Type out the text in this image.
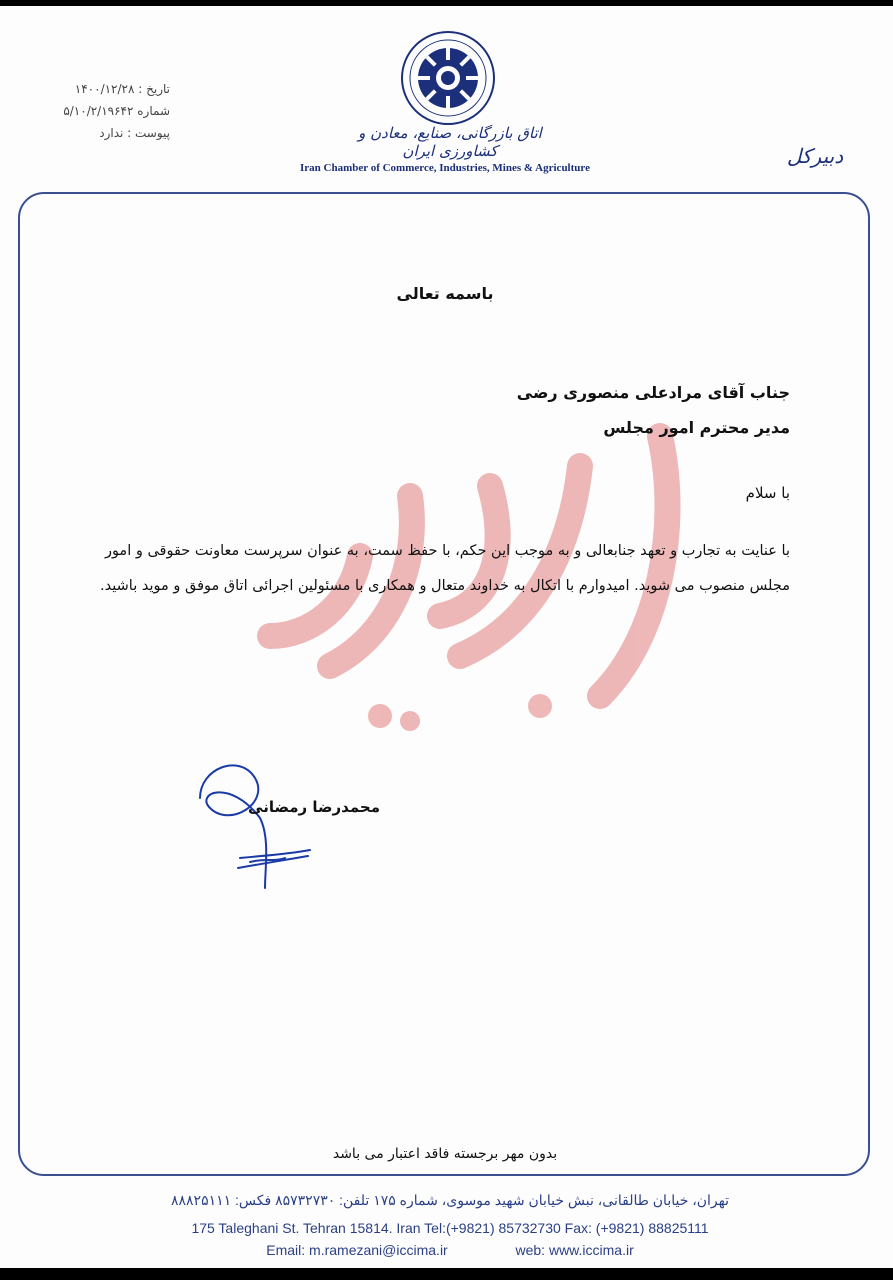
تاریخ : ۱۴۰۰/۱۲/۲۸
شماره ۵/۱۰/۲/۱۹۶۴۲
پیوست : ندارد	اتاق بازرگانی، صنایع، معادن و کشاورزی ایران
Iran Chamber of Commerce, Industries, Mines & Agriculture	دبیرکل
باسمه تعالی
جناب آقای مرادعلی منصوری رضی
مدیر محترم امور مجلس
با سلام
با عنایت به تجارب و تعهد جنابعالی و به موجب این حکم، با حفظ سمت، به عنوان سرپرست معاونت حقوقی و امور مجلس منصوب می شوید. امیدوارم با اتکال به خداوند متعال و همکاری با مسئولین اجرائی اتاق موفق و موید باشید.
محمدرضا رمضانی
بدون مهر برجسته فاقد اعتبار می باشد
تهران، خیابان طالقانی، نبش خیابان شهید موسوی، شماره ۱۷۵ تلفن: ۸۵۷۳۲۷۳۰ فکس: ۸۸۸۲۵۱۱۱
175 Taleghani St. Tehran 15814. Iran Tel:(+9821) 85732730 Fax: (+9821) 88825111
Email: m.ramezani@iccima.ir	web: www.iccima.ir
